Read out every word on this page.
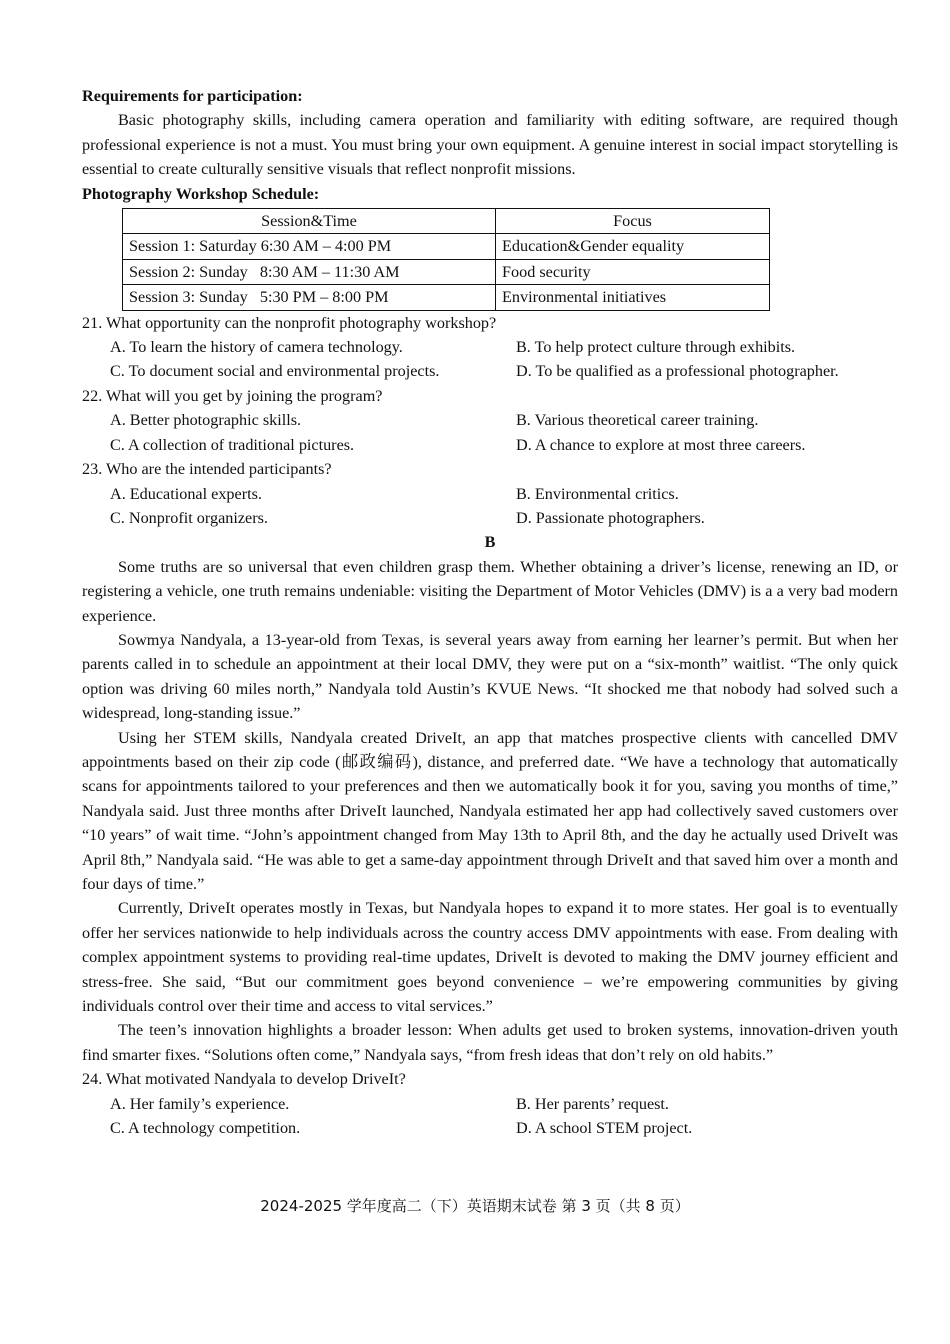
Requirements for participation:

Basic photography skills, including camera operation and familiarity with editing software, are required though professional experience is not a must. You must bring your own equipment. A genuine interest in social impact storytelling is essential to create culturally sensitive visuals that reflect nonprofit missions.

Photography Workshop Schedule:

Session&Time	Focus
Session 1: Saturday 6:30 AM – 4:00 PM	Education&Gender equality
Session 2: Sunday   8:30 AM – 11:30 AM	Food security
Session 3: Sunday   5:30 PM – 8:00 PM	Environmental initiatives

21. What opportunity can the nonprofit photography workshop?

A. To learn the history of camera technology.	B. To help protect culture through exhibits.
C. To document social and environmental projects.	D. To be qualified as a professional photographer.

22. What will you get by joining the program?

A. Better photographic skills.	B. Various theoretical career training.
C. A collection of traditional pictures.	D. A chance to explore at most three careers.

23. Who are the intended participants?

A. Educational experts.	B. Environmental critics.
C. Nonprofit organizers.	D. Passionate photographers.

B

Some truths are so universal that even children grasp them. Whether obtaining a driver’s license, renewing an ID, or registering a vehicle, one truth remains undeniable: visiting the Department of Motor Vehicles (DMV) is a a very bad modern experience.

Sowmya Nandyala, a 13-year-old from Texas, is several years away from earning her learner’s permit. But when her parents called in to schedule an appointment at their local DMV, they were put on a “six-month” waitlist. “The only quick option was driving 60 miles north,” Nandyala told Austin’s KVUE News. “It shocked me that nobody had solved such a widespread, long-standing issue.”

Using her STEM skills, Nandyala created DriveIt, an app that matches prospective clients with cancelled DMV appointments based on their zip code (邮政编码), distance, and preferred date. “We have a technology that automatically scans for appointments tailored to your preferences and then we automatically book it for you, saving you months of time,” Nandyala said. Just three months after DriveIt launched, Nandyala estimated her app had collectively saved customers over “10 years” of wait time. “John’s appointment changed from May 13th to April 8th, and the day he actually used DriveIt was April 8th,” Nandyala said. “He was able to get a same-day appointment through DriveIt and that saved him over a month and four days of time.”

Currently, DriveIt operates mostly in Texas, but Nandyala hopes to expand it to more states. Her goal is to eventually offer her services nationwide to help individuals across the country access DMV appointments with ease. From dealing with complex appointment systems to providing real-time updates, DriveIt is devoted to making the DMV journey efficient and stress-free. She said, “But our commitment goes beyond convenience – we’re empowering communities by giving individuals control over their time and access to vital services.”

The teen’s innovation highlights a broader lesson: When adults get used to broken systems, innovation-driven youth find smarter fixes. “Solutions often come,” Nandyala says, “from fresh ideas that don’t rely on old habits.”

24. What motivated Nandyala to develop DriveIt?

A. Her family’s experience.	B. Her parents’ request.
C. A technology competition.	D. A school STEM project.
2024-2025 学年度高二（下）英语期末试卷 第 3 页（共 8 页）
